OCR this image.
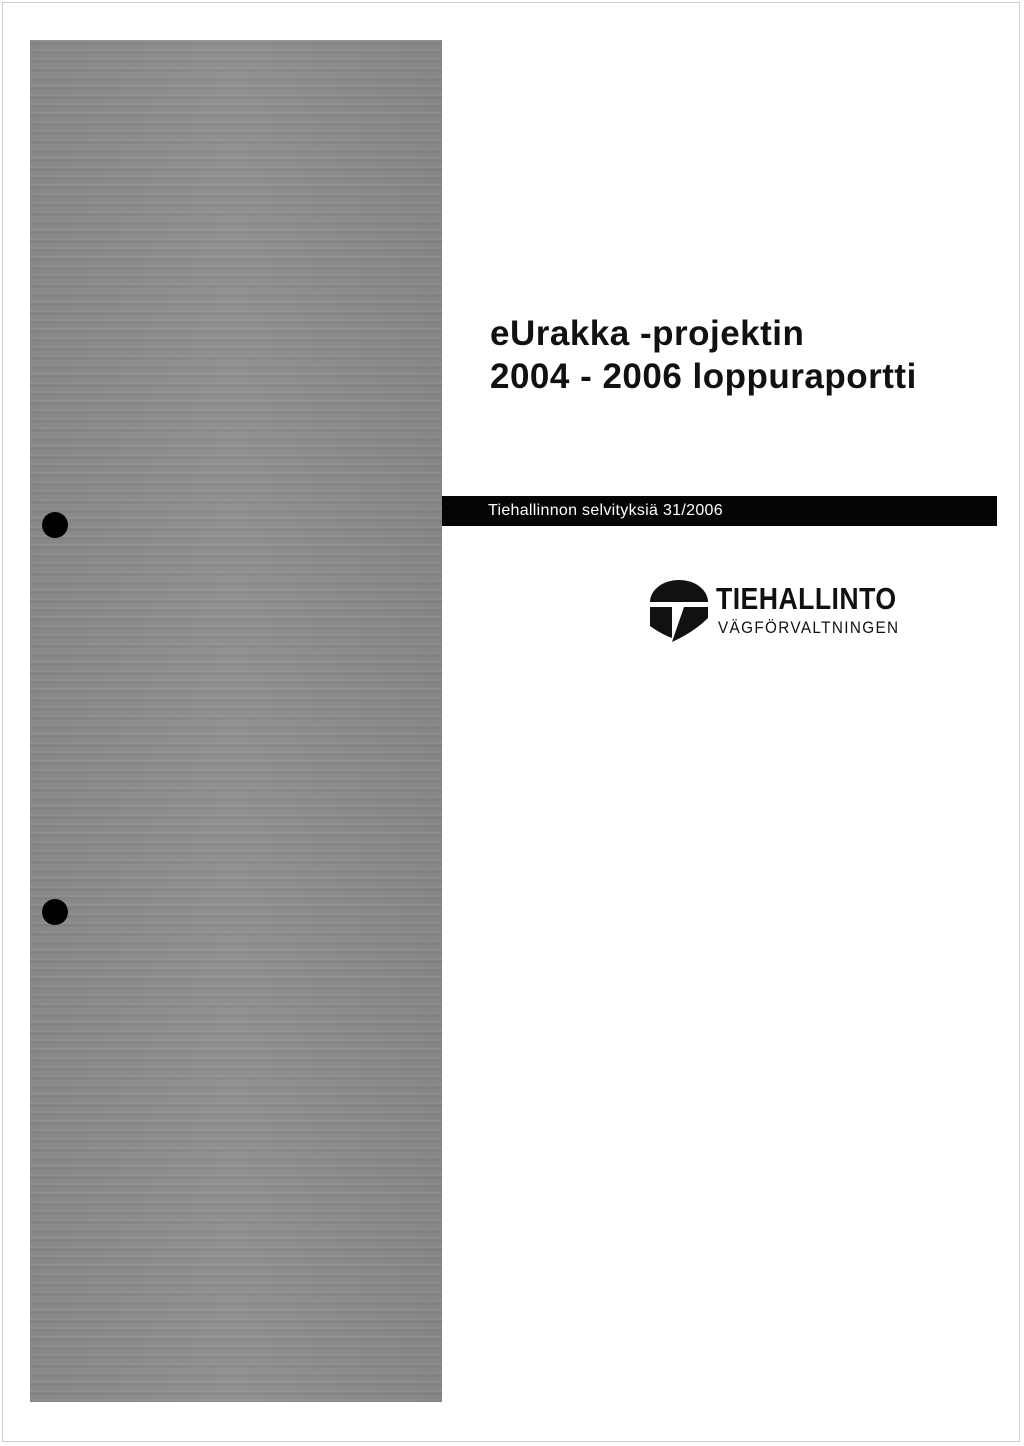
eUrakka -projektin
2004 - 2006 loppuraportti
Tiehallinnon selvityksiä 31/2006
TIEHALLINTO
VÄGFÖRVALTNINGEN
